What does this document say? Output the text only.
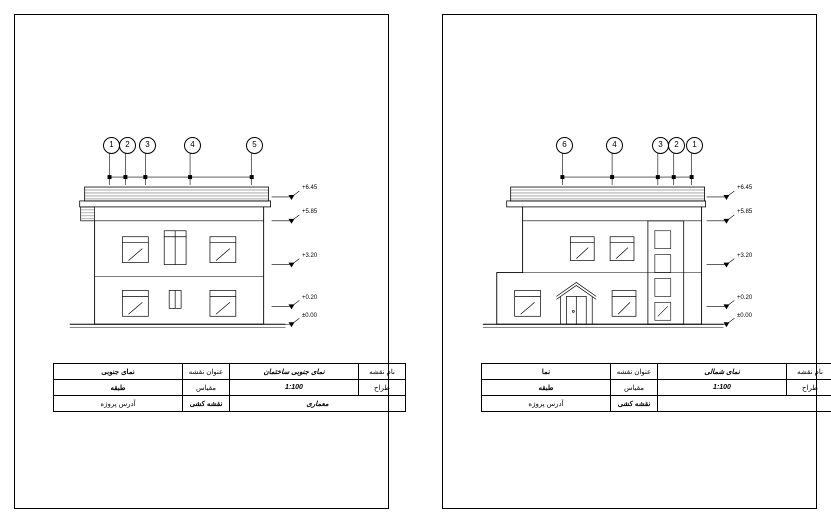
1	2	3	4	5
+6.45
+5.85
+3.20
+0.20
±0.00
نام نقشه	نمای جنوبی ساختمان	عنوان نقشه	نمای جنوبی
طراح	1:100	مقیاس	طبقه
معماری		نقشه کشی	آدرس پروژه
6	4	3	2	1
+6.45
+5.85
+3.20
+0.20
±0.00
نام نقشه	نمای شمالی	عنوان نقشه	نما
طراح	1:100	مقیاس	طبقه
		نقشه کشی	آدرس پروژه
